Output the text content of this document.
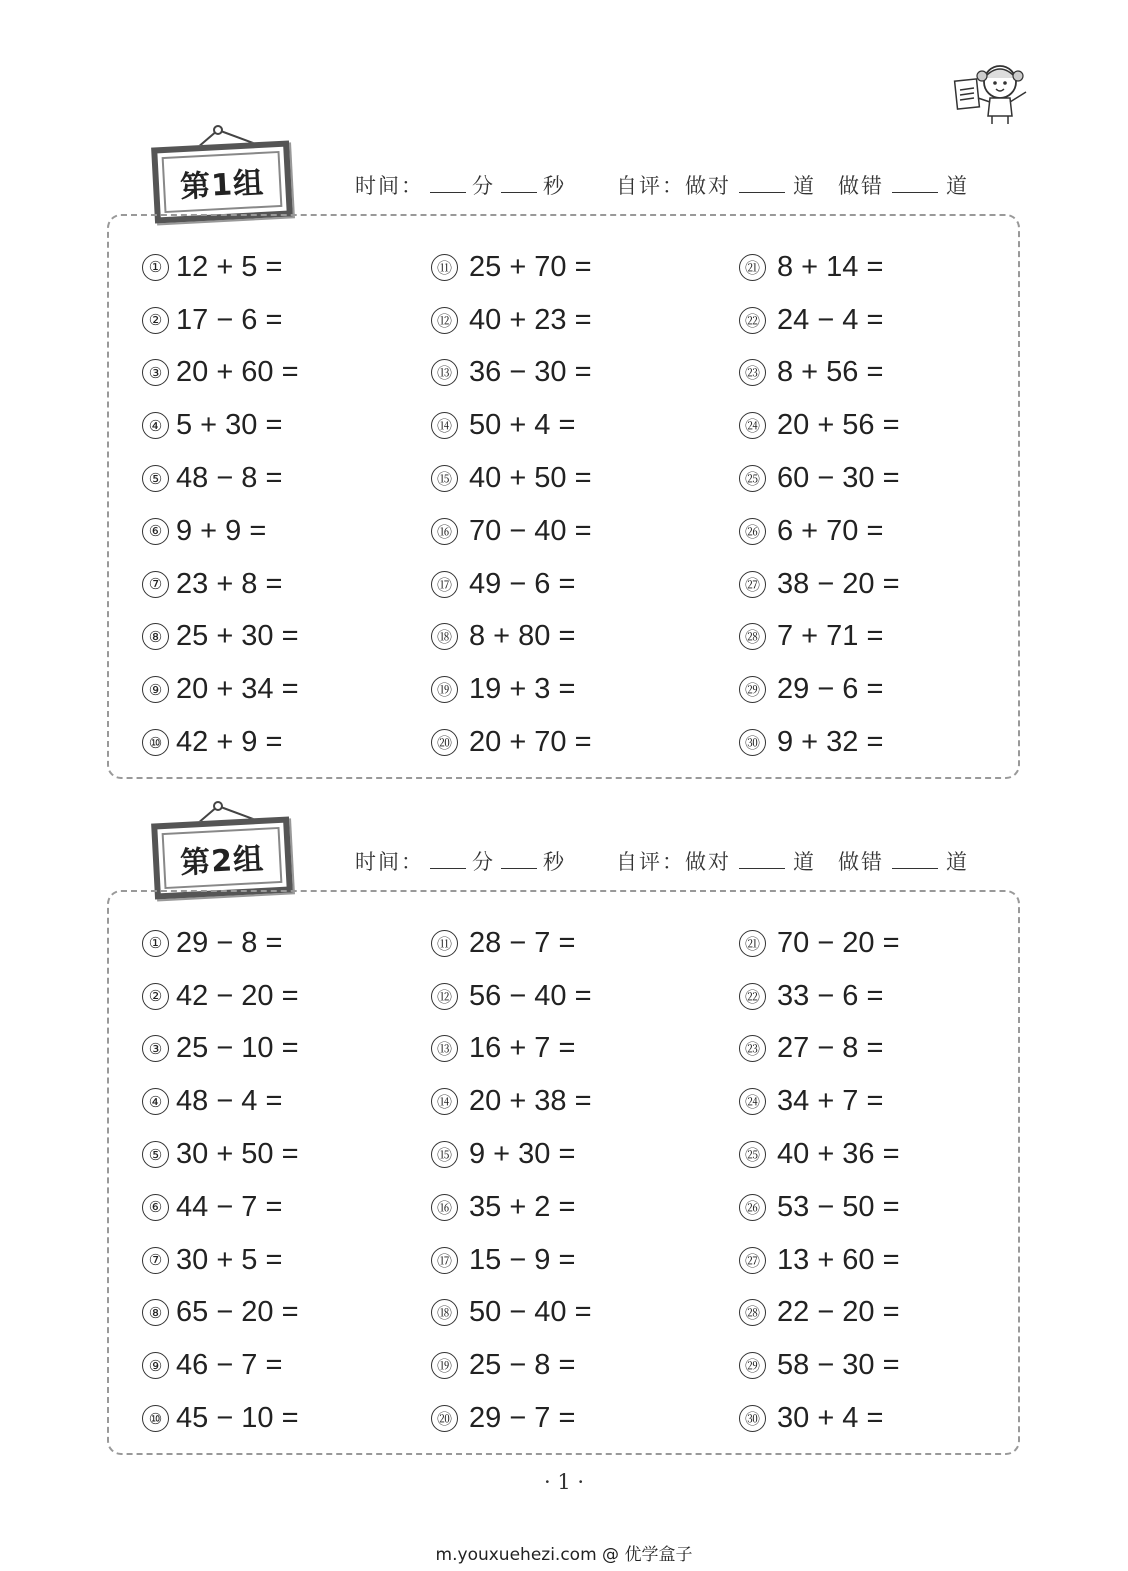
第1组	时间： 分 秒 自评：做对	道 做错	道
① 12 + 5 =
② 17 − 6 =
③ 20 + 60 =
④ 5 + 30 =
⑤ 48 − 8 =
⑥ 9 + 9 =
⑦ 23 + 8 =
⑧ 25 + 30 =
⑨ 20 + 34 =
⑩ 42 + 9 =
⑪ 25 + 70 =
⑫ 40 + 23 =
⑬ 36 − 30 =
⑭ 50 + 4 =
⑮ 40 + 50 =
⑯ 70 − 40 =
⑰ 49 − 6 =
⑱ 8 + 80 =
⑲ 19 + 3 =
⑳ 20 + 70 =
㉑ 8 + 14 =
㉒ 24 − 4 =
㉓ 8 + 56 =
㉔ 20 + 56 =
㉕ 60 − 30 =
㉖ 6 + 70 =
㉗ 38 − 20 =
㉘ 7 + 71 =
㉙ 29 − 6 =
㉚ 9 + 32 =
第2组	时间： 分 秒 自评：做对	道 做错	道
① 29 − 8 =
② 42 − 20 =
③ 25 − 10 =
④ 48 − 4 =
⑤ 30 + 50 =
⑥ 44 − 7 =
⑦ 30 + 5 =
⑧ 65 − 20 =
⑨ 46 − 7 =
⑩ 45 − 10 =
⑪ 28 − 7 =
⑫ 56 − 40 =
⑬ 16 + 7 =
⑭ 20 + 38 =
⑮ 9 + 30 =
⑯ 35 + 2 =
⑰ 15 − 9 =
⑱ 50 − 40 =
⑲ 25 − 8 =
⑳ 29 − 7 =
㉑ 70 − 20 =
㉒ 33 − 6 =
㉓ 27 − 8 =
㉔ 34 + 7 =
㉕ 40 + 36 =
㉖ 53 − 50 =
㉗ 13 + 60 =
㉘ 22 − 20 =
㉙ 58 − 30 =
㉚ 30 + 4 =
· 1 ·
m.youxuehezi.com @ 优学盒子
